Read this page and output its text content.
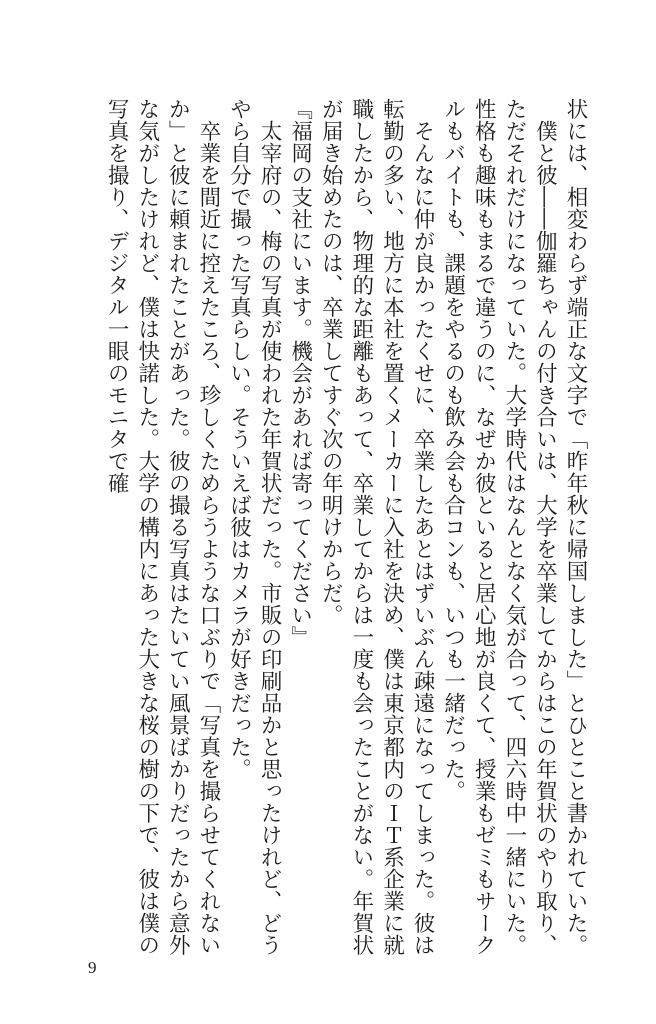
状には、相変わらず端正な文字で「昨年秋に帰国しました」とひとこと書かれていた。

僕と彼――伽羅ちゃんの付き合いは、大学を卒業してからはこの年賀状のやり取り、ただそれだけになっていた。大学時代はなんとなく気が合って、四六時中一緒にいた。性格も趣味もまるで違うのに、なぜか彼といると居心地が良くて、授業もゼミもサークルもバイトも、課題をやるのも飲み会も合コンも、いつも一緒だった。

そんなに仲が良かったくせに、卒業したあとはずいぶん疎遠になってしまった。彼は転勤の多い、地方に本社を置くメーカーに入社を決め、僕は東京都内のＩＴ系企業に就職したから、物理的な距離もあって、卒業してからは一度も会ったことがない。年賀状が届き始めたのは、卒業してすぐ次の年明けからだ。

『福岡の支社にいます。機会があれば寄ってください』

太宰府の、梅の写真が使われた年賀状だった。市販の印刷品かと思ったけれど、どうやら自分で撮った写真らしい。そういえば彼はカメラが好きだった。

卒業を間近に控えたころ、珍しくためらうような口ぶりで「写真を撮らせてくれないか」と彼に頼まれたことがあった。彼の撮る写真はたいてい風景ばかりだったから意外な気がしたけれど、僕は快諾した。大学の構内にあった大きな桜の樹の下で、彼は僕の写真を撮り、デジタル一眼のモニタで確

9
